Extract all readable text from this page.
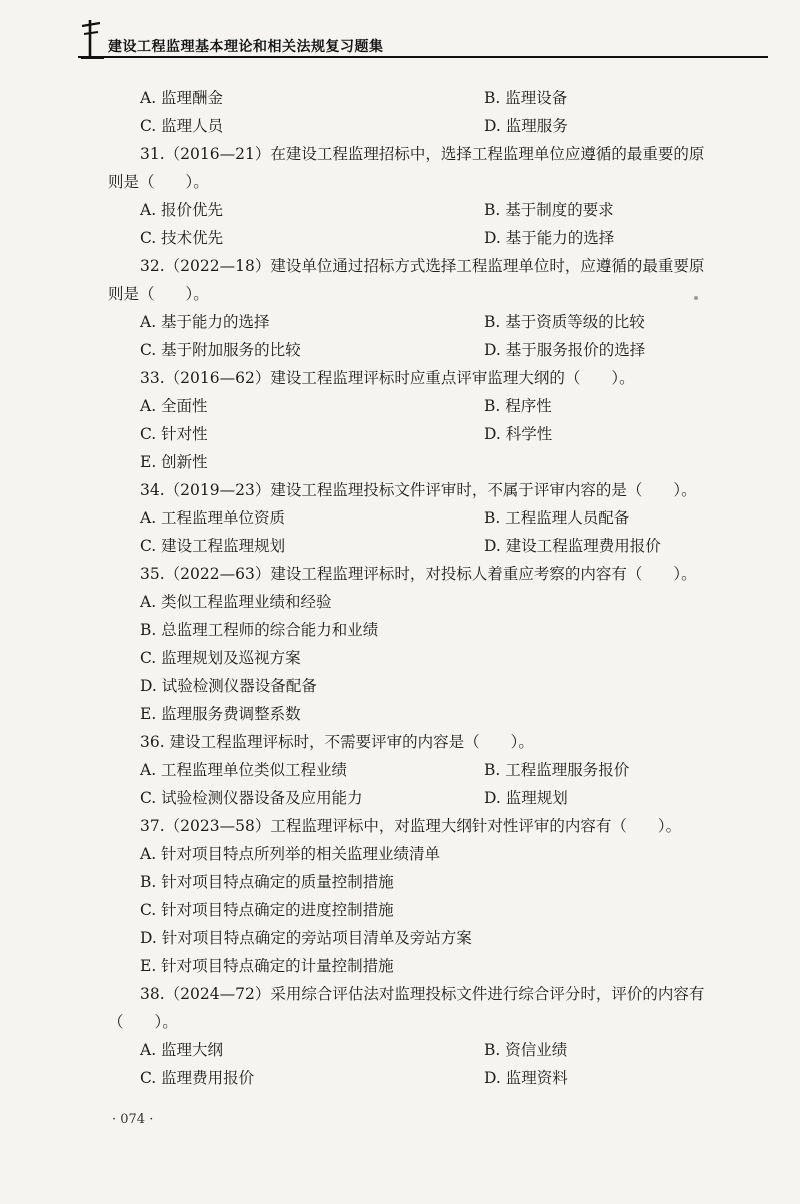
建设工程监理基本理论和相关法规复习题集
A. 监理酬金	B. 监理设备
C. 监理人员	D. 监理服务
31.（2016—21）在建设工程监理招标中，选择工程监理单位应遵循的最重要的原
则是（　　）。
A. 报价优先	B. 基于制度的要求
C. 技术优先	D. 基于能力的选择
32.（2022—18）建设单位通过招标方式选择工程监理单位时，应遵循的最重要原
则是（　　）。
A. 基于能力的选择	B. 基于资质等级的比较
C. 基于附加服务的比较	D. 基于服务报价的选择
33.（2016—62）建设工程监理评标时应重点评审监理大纲的（　　）。
A. 全面性	B. 程序性
C. 针对性	D. 科学性
E. 创新性
34.（2019—23）建设工程监理投标文件评审时，不属于评审内容的是（　　）。
A. 工程监理单位资质	B. 工程监理人员配备
C. 建设工程监理规划	D. 建设工程监理费用报价
35.（2022—63）建设工程监理评标时，对投标人着重应考察的内容有（　　）。
A. 类似工程监理业绩和经验
B. 总监理工程师的综合能力和业绩
C. 监理规划及巡视方案
D. 试验检测仪器设备配备
E. 监理服务费调整系数
36. 建设工程监理评标时，不需要评审的内容是（　　）。
A. 工程监理单位类似工程业绩	B. 工程监理服务报价
C. 试验检测仪器设备及应用能力	D. 监理规划
37.（2023—58）工程监理评标中，对监理大纲针对性评审的内容有（　　）。
A. 针对项目特点所列举的相关监理业绩清单
B. 针对项目特点确定的质量控制措施
C. 针对项目特点确定的进度控制措施
D. 针对项目特点确定的旁站项目清单及旁站方案
E. 针对项目特点确定的计量控制措施
38.（2024—72）采用综合评估法对监理投标文件进行综合评分时，评价的内容有
（　　）。
A. 监理大纲	B. 资信业绩
C. 监理费用报价	D. 监理资料
· 074 ·
